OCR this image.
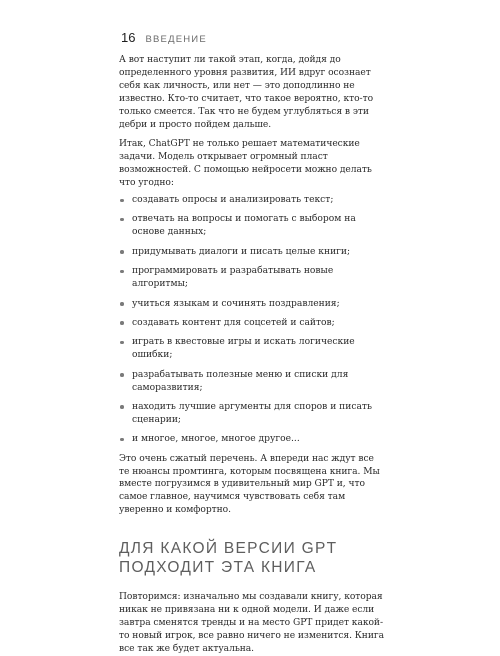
16 ВВЕДЕНИЕ

А вот наступит ли такой этап, когда, дойдя до определенного уровня развития, ИИ вдруг осознает себя как личность, или нет — это доподлинно не известно. Кто-то считает, что такое вероятно, кто-то только смеется. Так что не будем углубляться в эти дебри и просто пойдем дальше.

Итак, ChatGPT не только решает математические задачи. Модель открывает огромный пласт возможностей. С помощью нейросети можно делать что угодно:

создавать опросы и анализировать текст;
отвечать на вопросы и помогать с выбором на основе данных;
придумывать диалоги и писать целые книги;
программировать и разрабатывать новые алгоритмы;
учиться языкам и сочинять поздравления;
создавать контент для соцсетей и сайтов;
играть в квестовые игры и искать логические ошибки;
разрабатывать полезные меню и списки для саморазвития;
находить лучшие аргументы для споров и писать сценарии;
и многое, многое, многое другое...

Это очень сжатый перечень. А впереди нас ждут все те нюансы промтинга, которым посвящена книга. Мы вместе погрузимся в удивительный мир GPT и, что самое главное, научимся чувствовать себя там уверенно и комфортно.

ДЛЯ КАКОЙ ВЕРСИИ GPT ПОДХОДИТ ЭТА КНИГА

Повторимся: изначально мы создавали книгу, которая никак не привязана ни к одной модели. И даже если завтра сменятся тренды и на место GPT придет какой-то новый игрок, все равно ничего не изменится. Книга все так же будет актуальна.
